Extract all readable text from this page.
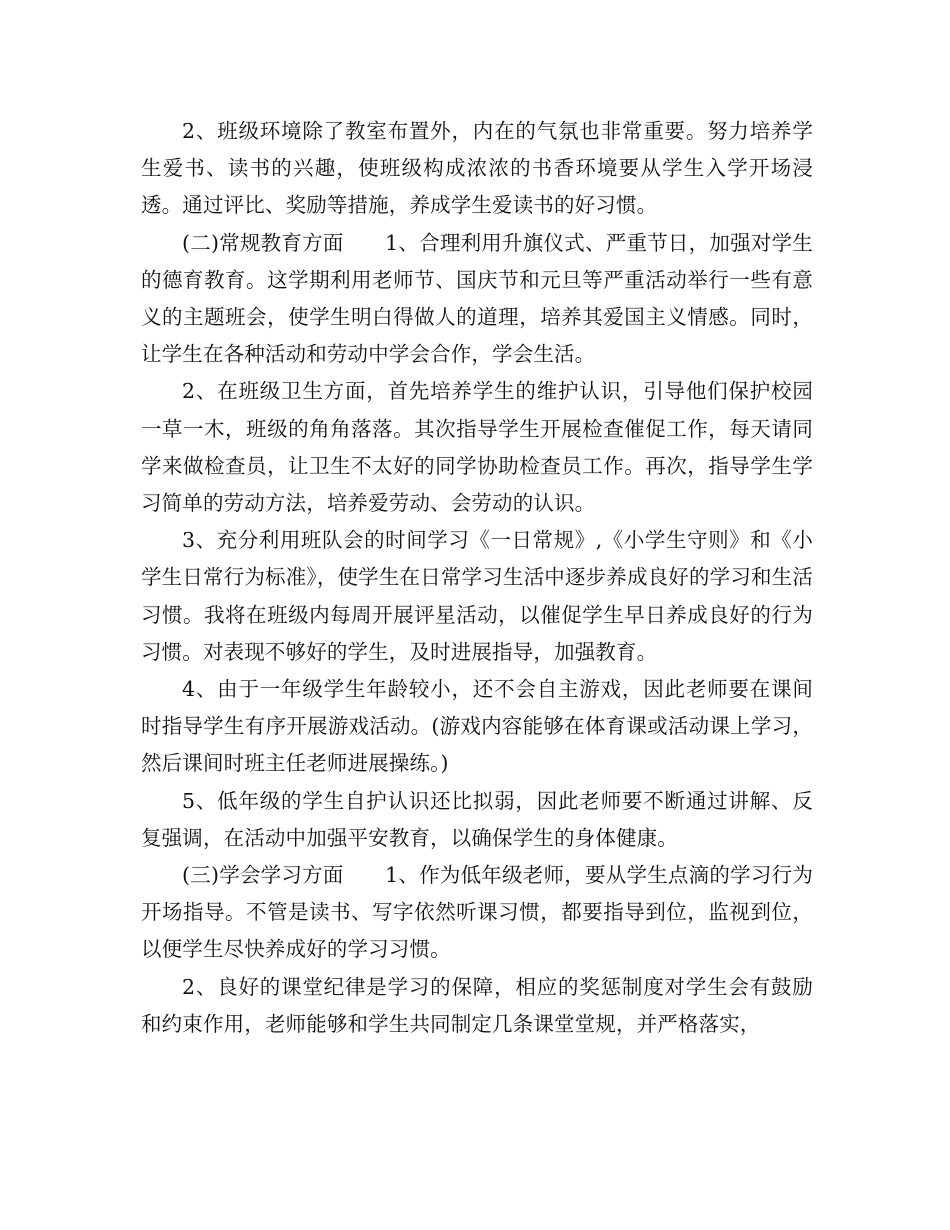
2、班级环境除了教室布置外，内在的气氛也非常重要。努力培养学生爱书、读书的兴趣，使班级构成浓浓的书香环境要从学生入学开场浸透。通过评比、奖励等措施，养成学生爱读书的好习惯。

(二)常规教育方面　　1、合理利用升旗仪式、严重节日，加强对学生的德育教育。这学期利用老师节、国庆节和元旦等严重活动举行一些有意义的主题班会，使学生明白得做人的道理，培养其爱国主义情感。同时，让学生在各种活动和劳动中学会合作，学会生活。

2、在班级卫生方面，首先培养学生的维护认识，引导他们保护校园一草一木，班级的角角落落。其次指导学生开展检查催促工作，每天请同学来做检查员，让卫生不太好的同学协助检查员工作。再次，指导学生学习简单的劳动方法，培养爱劳动、会劳动的认识。

3、充分利用班队会的时间学习《一日常规》,《小学生守则》和《小学生日常行为标准》，使学生在日常学习生活中逐步养成良好的学习和生活习惯。我将在班级内每周开展评星活动，以催促学生早日养成良好的行为习惯。对表现不够好的学生，及时进展指导，加强教育。

4、由于一年级学生年龄较小，还不会自主游戏，因此老师要在课间时指导学生有序开展游戏活动。(游戏内容能够在体育课或活动课上学习，然后课间时班主任老师进展操练。)

5、低年级的学生自护认识还比拟弱，因此老师要不断通过讲解、反复强调，在活动中加强平安教育，以确保学生的身体健康。

(三)学会学习方面　　1、作为低年级老师，要从学生点滴的学习行为开场指导。不管是读书、写字依然听课习惯，都要指导到位，监视到位，以便学生尽快养成好的学习习惯。

2、良好的课堂纪律是学习的保障，相应的奖惩制度对学生会有鼓励和约束作用，老师能够和学生共同制定几条课堂堂规，并严格落实，
